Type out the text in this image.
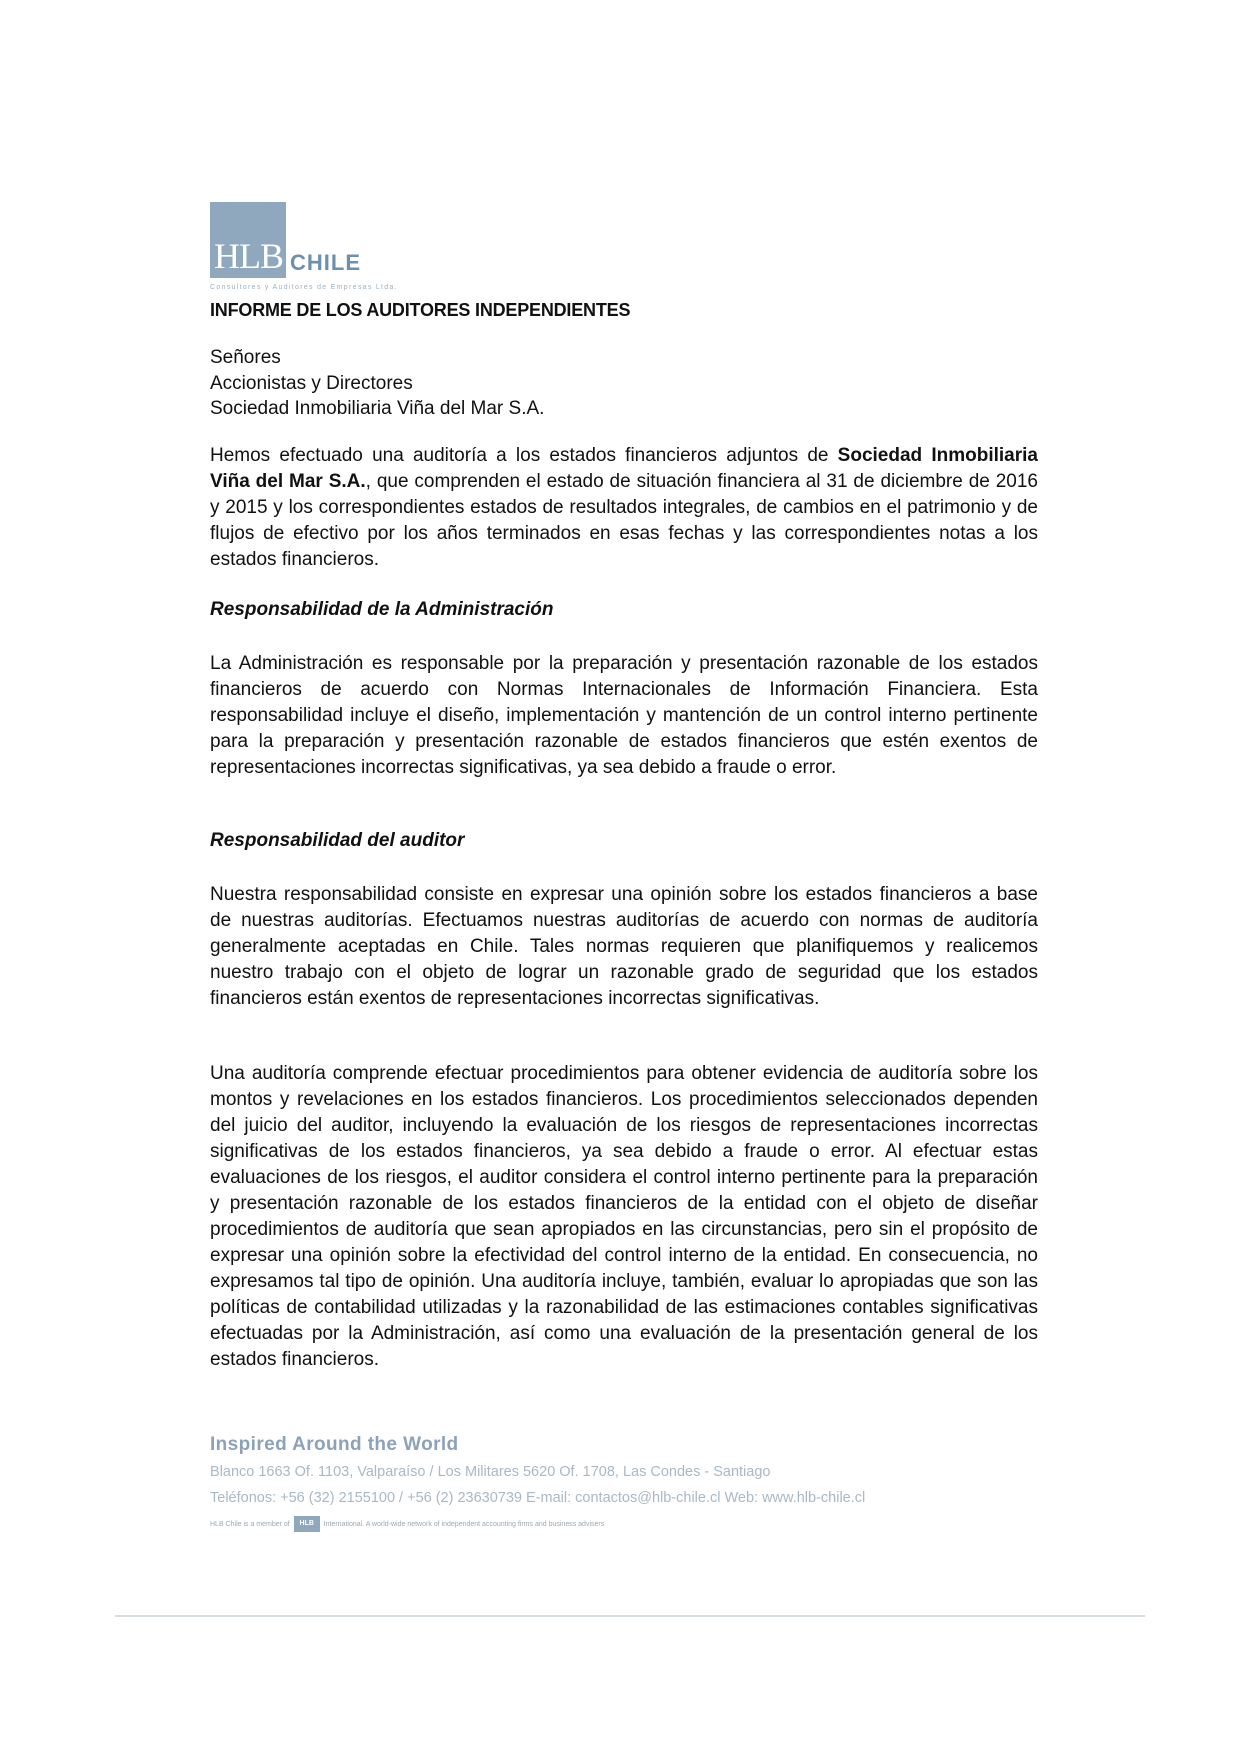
HLB CHILE
Consultores y Auditores de Empresas Ltda.
INFORME DE LOS AUDITORES INDEPENDIENTES
Señores
Accionistas y Directores
Sociedad Inmobiliaria Viña del Mar S.A.
Hemos efectuado una auditoría a los estados financieros adjuntos de Sociedad Inmobiliaria Viña del Mar S.A., que comprenden el estado de situación financiera al 31 de diciembre de 2016 y 2015 y los correspondientes estados de resultados integrales, de cambios en el patrimonio y de flujos de efectivo por los años terminados en esas fechas y las correspondientes notas a los estados financieros.
Responsabilidad de la Administración
La Administración es responsable por la preparación y presentación razonable de los estados financieros de acuerdo con Normas Internacionales de Información Financiera. Esta responsabilidad incluye el diseño, implementación y mantención de un control interno pertinente para la preparación y presentación razonable de estados financieros que estén exentos de representaciones incorrectas significativas, ya sea debido a fraude o error.
Responsabilidad del auditor
Nuestra responsabilidad consiste en expresar una opinión sobre los estados financieros a base de nuestras auditorías. Efectuamos nuestras auditorías de acuerdo con normas de auditoría generalmente aceptadas en Chile. Tales normas requieren que planifiquemos y realicemos nuestro trabajo con el objeto de lograr un razonable grado de seguridad que los estados financieros están exentos de representaciones incorrectas significativas.
Una auditoría comprende efectuar procedimientos para obtener evidencia de auditoría sobre los montos y revelaciones en los estados financieros. Los procedimientos seleccionados dependen del juicio del auditor, incluyendo la evaluación de los riesgos de representaciones incorrectas significativas de los estados financieros, ya sea debido a fraude o error. Al efectuar estas evaluaciones de los riesgos, el auditor considera el control interno pertinente para la preparación y presentación razonable de los estados financieros de la entidad con el objeto de diseñar procedimientos de auditoría que sean apropiados en las circunstancias, pero sin el propósito de expresar una opinión sobre la efectividad del control interno de la entidad. En consecuencia, no expresamos tal tipo de opinión. Una auditoría incluye, también, evaluar lo apropiadas que son las políticas de contabilidad utilizadas y la razonabilidad de las estimaciones contables significativas efectuadas por la Administración, así como una evaluación de la presentación general de los estados financieros.
Inspired Around the World
Blanco 1663 Of. 1103, Valparaíso / Los Militares 5620 Of. 1708, Las Condes - Santiago
Teléfonos: +56 (32) 2155100 / +56 (2) 23630739 E-mail: contactos@hlb-chile.cl Web: www.hlb-chile.cl
HLB Chile is a member of	HLB	International. A world-wide network of independent accounting firms and business advisers
